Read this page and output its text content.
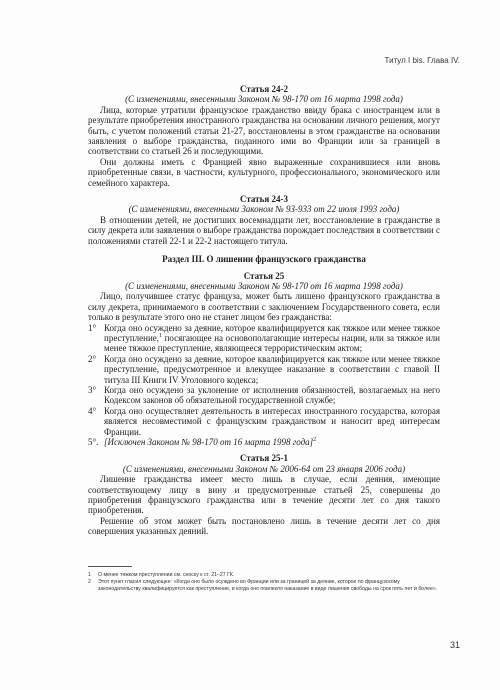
Титул I bis. Глава IV.
Статья 24-2
(С изменениями, внесенными Законом № 98-170 от 16 марта 1998 года)

Лица, которые утратили французское гражданство ввиду брака с иностранцем или в результате приобретения иностранного гражданства на основании личного решения, могут быть, с учетом положений статьи 21-27, восстановлены в этом гражданстве на основании заявления о выборе гражданства, поданного ими во Франции или за границей в соответствии со статьей 26 и последующими.

Они должны иметь с Францией явно выраженные сохранившиеся или вновь приобретенные связи, в частности, культурного, профессионального, экономического или семейного характера.

Статья 24-3
(С изменениями, внесенными Законом № 93-933 от 22 июля 1993 года)

В отношении детей, не достигших восемнадцати лет, восстановление в гражданстве в силу декрета или заявления о выборе гражданства порождает последствия в соответствии с положениями статей 22-1 и 22-2 настоящего титула.

Раздел III. О лишении французского гражданства
Статья 25
(С изменениями, внесенными Законом № 98-170 от 16 марта 1998 года)

Лицо, получившее статус француза, может быть лишено французского гражданства в силу декрета, принимаемого в соответствии с заключением Государственного совета, если только в результате этого оно не станет лицом без гражданства:

1° Когда оно осуждено за деяние, которое квалифицируется как тяжкое или менее тяжкое преступление,$^1$ посягающее на основополагающие интересы нации, или за тяжкое или менее тяжкое преступление, являющееся террористическим актом;
2° Когда оно осуждено за деяние, которое квалифицируется как тяжкое или менее тяжкое преступление, предусмотренное и влекущее наказание в соответствии с главой II титула III Книги IV Уголовного кодекса;
3° Когда оно осуждено за уклонение от исполнения обязанностей, возлагаемых на него Кодексом законов об обязательной государственной службе;
4° Когда оно осуществляет деятельность в интересах иностранного государства, которая является несовместимой с французским гражданством и наносит вред интересам Франции.
5°. [Исключен Законом № 98-170 от 16 марта 1998 года]$^2$
Статья 25-1
(С изменениями, внесенными Законом № 2006-64 от 23 января 2006 года)

Лишение гражданства имеет место лишь в случае, если деяния, имеющие соответствующему лицу в вину и предусмотренные статьей 25, совершены до приобретения французского гражданства или в течение десяти лет со дня такого приобретения.

Решение об этом может быть постановлено лишь в течение десяти лет со дня совершения указанных деяний.

1 О менее тяжком преступлении см. сноску к ст. 21–27 ГК.
2 Этот пункт гласил следующее: «Когда оно было осуждено во Франции или за границей за деяние, которое по французскому законодательству квалифицируется как преступление, и когда оно повлекло наказание в виде лишения свободы на срок пять лет и более».
31
